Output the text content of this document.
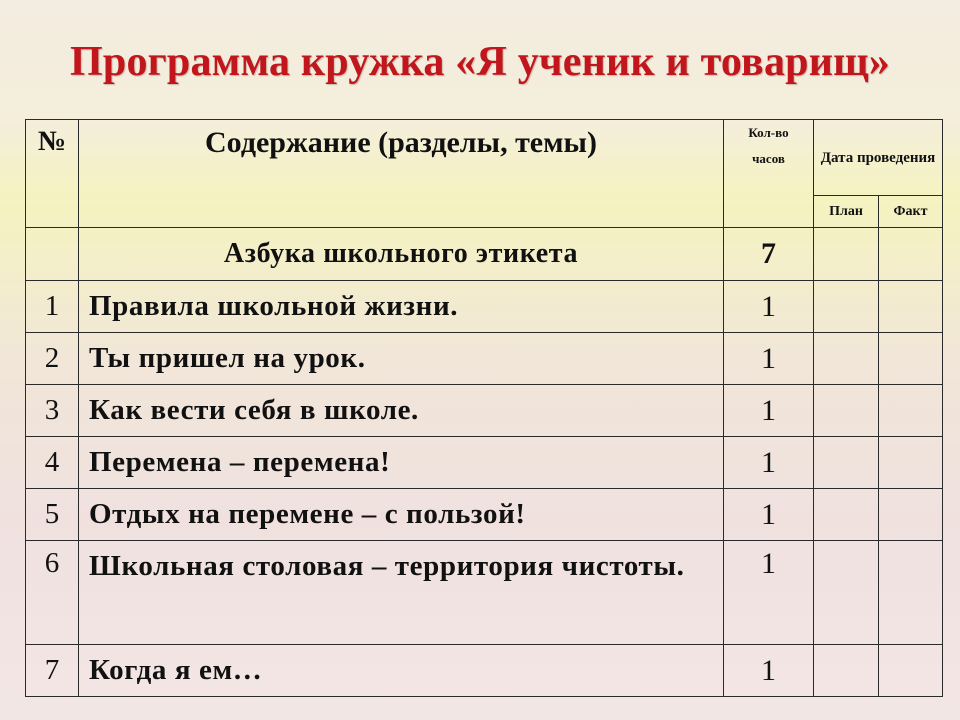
Программа кружка «Я ученик и товарищ»
№	Содержание (разделы, темы)	Кол-во часов	Дата проведения	

			План	Факт
	Азбука школьного этикета	7		
1	Правила школьной жизни.	1		
2	Ты пришел на урок.	1		
3	Как вести себя в школе.	1		
4	Перемена – перемена!	1		
5	Отдых на перемене – с пользой!	1		
6	Школьная столовая – территория чистоты.	1		
7	Когда я ем…	1		
